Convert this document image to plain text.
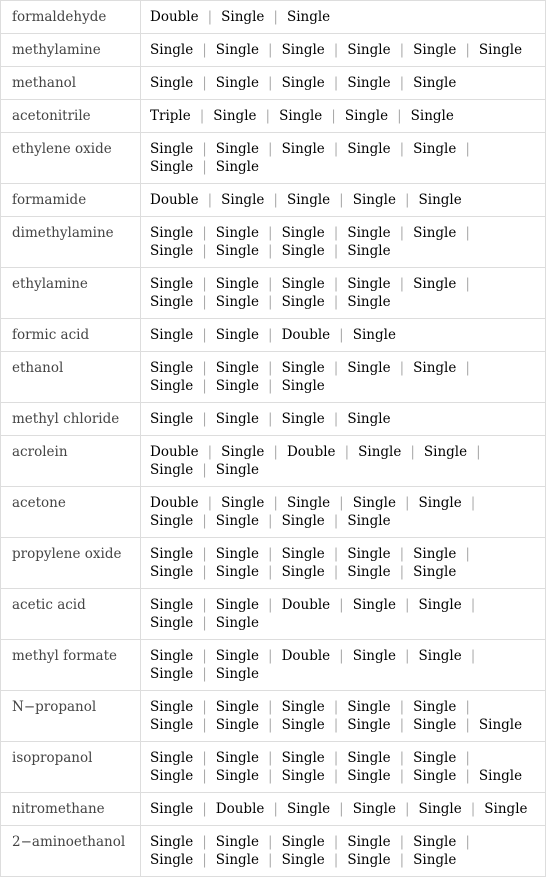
formaldehyde	Double | Single | Single

methylamine	Single | Single | Single | Single | Single | Single

methanol	Single | Single | Single | Single | Single

acetonitrile	Triple | Single | Single | Single | Single

ethylene oxide	Single | Single | Single | Single | Single |
Single | Single

formamide	Double | Single | Single | Single | Single

dimethylamine	Single | Single | Single | Single | Single |
Single | Single | Single | Single

ethylamine	Single | Single | Single | Single | Single |
Single | Single | Single | Single

formic acid	Single | Single | Double | Single

ethanol	Single | Single | Single | Single | Single |
Single | Single | Single

methyl chloride	Single | Single | Single | Single

acrolein	Double | Single | Double | Single | Single |
Single | Single

acetone	Double | Single | Single | Single | Single |
Single | Single | Single | Single

propylene oxide	Single | Single | Single | Single | Single |
Single | Single | Single | Single | Single

acetic acid	Single | Single | Double | Single | Single |
Single | Single

methyl formate	Single | Single | Double | Single | Single |
Single | Single

N−propanol	Single | Single | Single | Single | Single |
Single | Single | Single | Single | Single | Single

isopropanol	Single | Single | Single | Single | Single |
Single | Single | Single | Single | Single | Single

nitromethane	Single | Double | Single | Single | Single | Single

2−aminoethanol	Single | Single | Single | Single | Single |
Single | Single | Single | Single | Single
